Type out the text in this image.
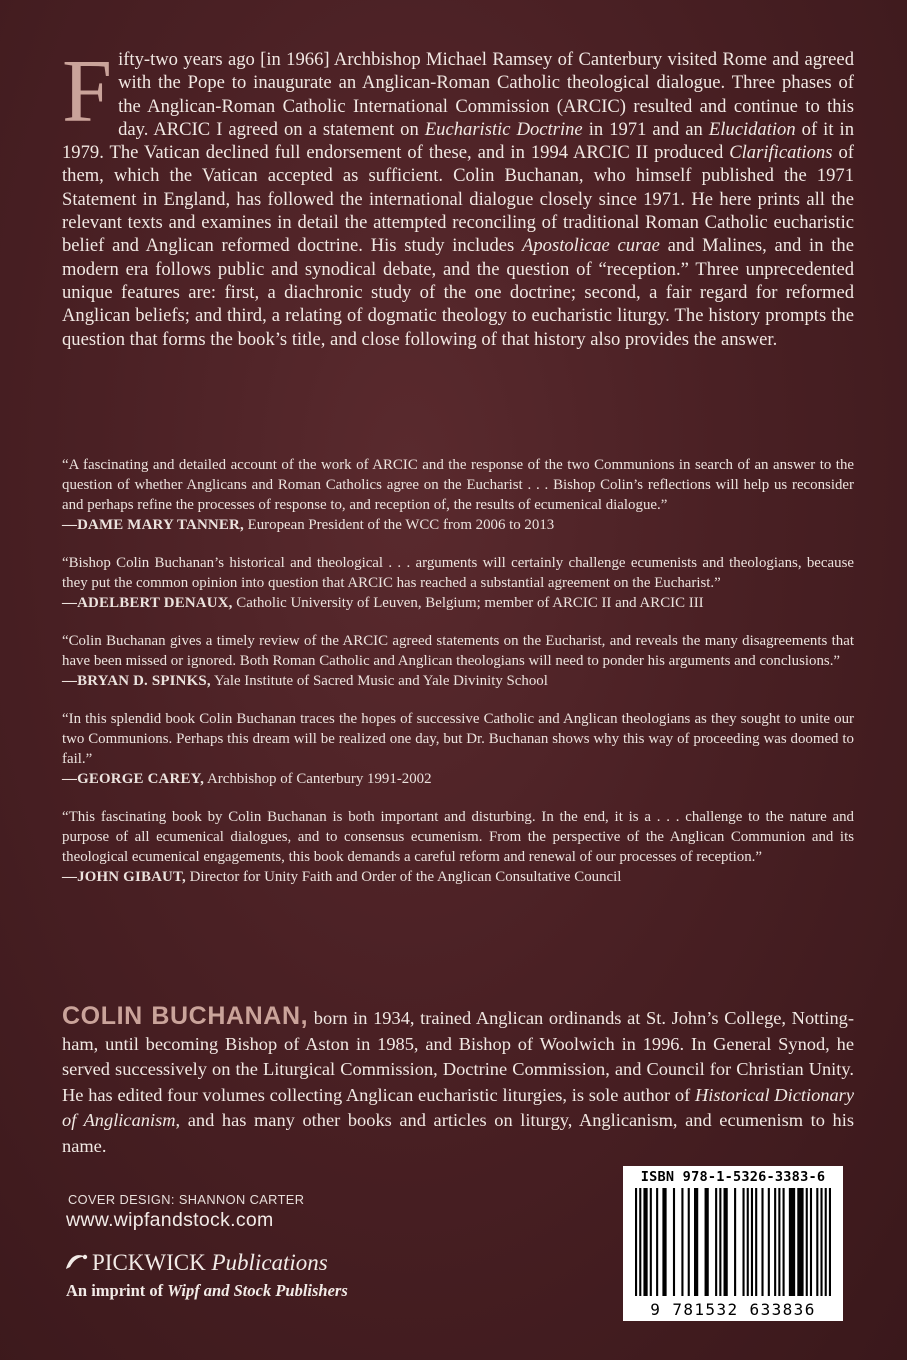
F ifty-two years ago [in 1966] Archbishop Michael Ramsey of Canterbury visited Rome and agreed with the Pope to inaugurate an Anglican-Roman Catholic theological dialogue. Three phases of the Anglican-Roman Catholic International Commission (ARCIC) resulted and continue to this day. ARCIC I agreed on a statement on Eucharistic Doctrine in 1971 and an Elucidation of it in 1979. The Vatican declined full endorsement of these, and in 1994 ARCIC II produced Clarifications of them, which the Vatican accepted as sufficient. Colin Buchanan, who himself published the 1971 Statement in England, has followed the international dialogue closely since 1971. He here prints all the relevant texts and examines in detail the attempted reconciling of traditional Roman Catholic eucharistic belief and Anglican reformed doctrine. His study includes Apostolicae curae and Malines, and in the modern era follows public and synodical debate, and the question of “reception.” Three unprecedented unique features are: first, a diachronic study of the one doctrine; second, a fair regard for reformed Anglican beliefs; and third, a relating of dogmatic theology to eucharistic liturgy. The history prompts the question that forms the book’s title, and close following of that history also provides the answer.

“A fascinating and detailed account of the work of ARCIC and the response of the two Communions in search of an answer to the question of whether Anglicans and Roman Catholics agree on the Eucharist . . . Bishop Colin’s reflections will help us reconsider and perhaps refine the processes of response to, and reception of, the results of ecumenical dialogue.”

— DAME MARY TANNER, European President of the WCC from 2006 to 2013

“Bishop Colin Buchanan’s historical and theological . . . arguments will certainly challenge ecumenists and theologians, because they put the common opinion into question that ARCIC has reached a substantial agreement on the Eucharist.”

— ADELBERT DENAUX, Catholic University of Leuven, Belgium; member of ARCIC II and ARCIC III

“Colin Buchanan gives a timely review of the ARCIC agreed statements on the Eucharist, and reveals the many disagreements that have been missed or ignored. Both Roman Catholic and Anglican theologians will need to ponder his arguments and conclusions.”

— BRYAN D. SPINKS, Yale Institute of Sacred Music and Yale Divinity School

“In this splendid book Colin Buchanan traces the hopes of successive Catholic and Anglican theologians as they sought to unite our two Communions. Perhaps this dream will be realized one day, but Dr. Buchanan shows why this way of proceeding was doomed to fail.”

— GEORGE CAREY, Archbishop of Canterbury 1991-2002

“This fascinating book by Colin Buchanan is both important and disturbing. In the end, it is a . . . challenge to the nature and purpose of all ecumenical dialogues, and to consensus ecumenism. From the perspective of the Anglican Communion and its theological ecumenical engagements, this book demands a careful reform and renewal of our processes of reception.”

— JOHN GIBAUT, Director for Unity Faith and Order of the Anglican Consultative Council

COLIN BUCHANAN, born in 1934, trained Anglican ordinands at St. John’s College, Nottingham, until becoming Bishop of Aston in 1985, and Bishop of Woolwich in 1996. In General Synod, he served successively on the Liturgical Commission, Doctrine Commission, and Council for Christian Unity. He has edited four volumes collecting Anglican eucharistic liturgies, is sole author of Historical Dictionary of Anglicanism, and has many other books and articles on liturgy, Anglicanism, and ecumenism to his name.

COVER DESIGN: SHANNON CARTER
www.wipfandstock.com
PICKWICK Publications
An imprint of Wipf and Stock Publishers
ISBN 978-1-5326-3383-6
9 781532 633836
